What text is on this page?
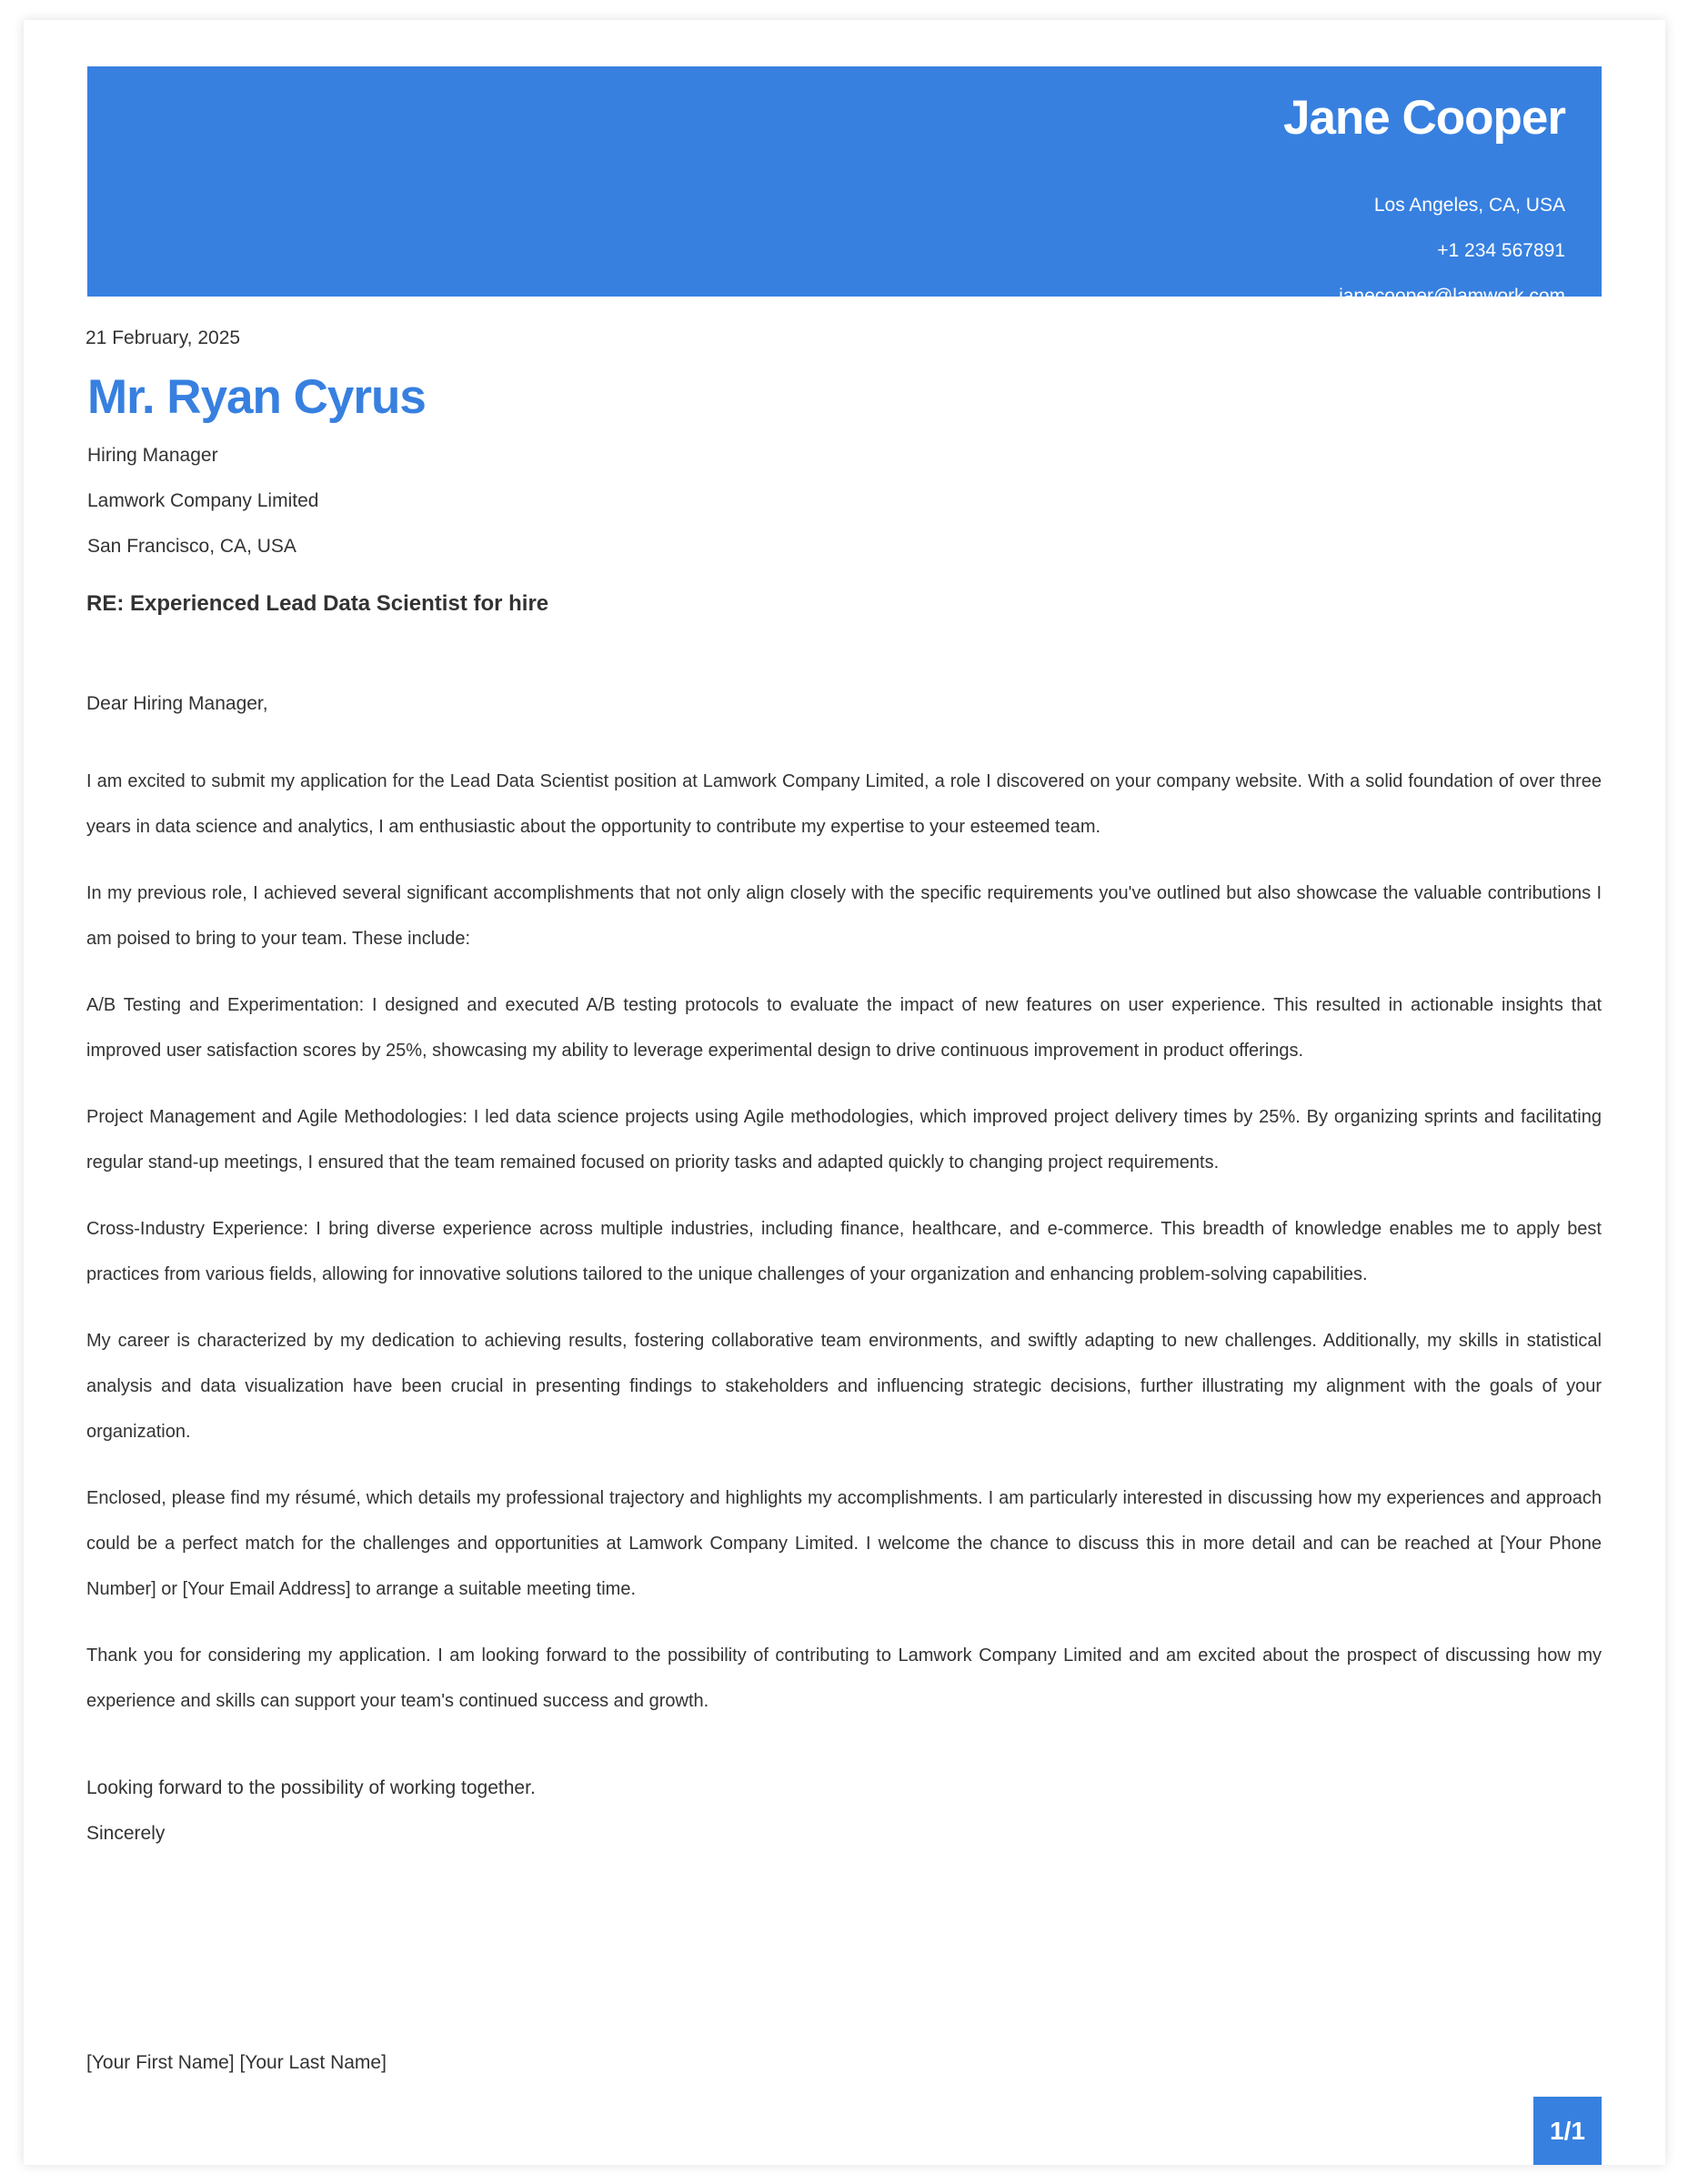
Jane Cooper
Los Angeles, CA, USA
+1 234 567891
janecooper@lamwork.com
21 February, 2025
Mr. Ryan Cyrus
Hiring Manager
Lamwork Company Limited
San Francisco, CA, USA
RE: Experienced Lead Data Scientist for hire
Dear Hiring Manager,

I am excited to submit my application for the Lead Data Scientist position at Lamwork Company Limited, a role I discovered on your company website. With a solid foundation of over three years in data science and analytics, I am enthusiastic about the opportunity to contribute my expertise to your esteemed team.

In my previous role, I achieved several significant accomplishments that not only align closely with the specific requirements you've outlined but also showcase the valuable contributions I am poised to bring to your team. These include:

A/B Testing and Experimentation: I designed and executed A/B testing protocols to evaluate the impact of new features on user experience. This resulted in actionable insights that improved user satisfaction scores by 25%, showcasing my ability to leverage experimental design to drive continuous improvement in product offerings.

Project Management and Agile Methodologies: I led data science projects using Agile methodologies, which improved project delivery times by 25%. By organizing sprints and facilitating regular stand-up meetings, I ensured that the team remained focused on priority tasks and adapted quickly to changing project requirements.

Cross-Industry Experience: I bring diverse experience across multiple industries, including finance, healthcare, and e-commerce. This breadth of knowledge enables me to apply best practices from various fields, allowing for innovative solutions tailored to the unique challenges of your organization and enhancing problem-solving capabilities.

My career is characterized by my dedication to achieving results, fostering collaborative team environments, and swiftly adapting to new challenges. Additionally, my skills in statistical analysis and data visualization have been crucial in presenting findings to stakeholders and influencing strategic decisions, further illustrating my alignment with the goals of your organization.

Enclosed, please find my résumé, which details my professional trajectory and highlights my accomplishments. I am particularly interested in discussing how my experiences and approach could be a perfect match for the challenges and opportunities at Lamwork Company Limited. I welcome the chance to discuss this in more detail and can be reached at [Your Phone Number] or [Your Email Address] to arrange a suitable meeting time.

Thank you for considering my application. I am looking forward to the possibility of contributing to Lamwork Company Limited and am excited about the prospect of discussing how my experience and skills can support your team's continued success and growth.

Looking forward to the possibility of working together.
Sincerely
[Your First Name] [Your Last Name]
1/1
